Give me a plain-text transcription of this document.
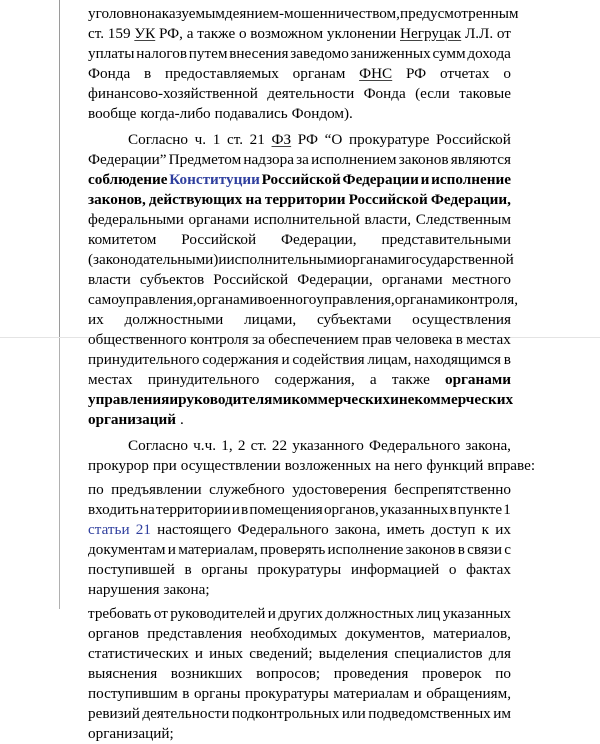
уголовно наказуемым деянием - мошенничеством, предусмотренным
ст. 159 УК РФ, а также о возможном уклонении Негруцак Л.Л. от
уплаты налогов путем внесения заведомо заниженных сумм дохода
Фонда в предоставляемых органам ФНС РФ отчетах о
финансово-хозяйственной деятельности Фонда (если таковые
вообще когда-либо подавались Фондом).
Согласно ч. 1 ст. 21 ФЗ РФ “О прокуратуре Российской
Федерации” Предметом надзора за исполнением законов являются
соблюдение Конституции Российской Федерации и исполнение
законов, действующих на территории Российской Федерации,
федеральными органами исполнительной власти, Следственным
комитетом Российской Федерации, представительными
(законодательными) и исполнительными органами государственной
власти субъектов Российской Федерации, органами местного
самоуправления, органами военного управления, органами контроля,
их должностными лицами, субъектами осуществления
общественного контроля за обеспечением прав человека в местах
принудительного содержания и содействия лицам, находящимся в
местах принудительного содержания, а также органами
управления и руководителями коммерческих и некоммерческих
организаций .
Согласно ч.ч. 1, 2 ст. 22 указанного Федерального закона,
прокурор при осуществлении возложенных на него функций вправе:
по предъявлении служебного удостоверения беспрепятственно
входить на территории и в помещения органов, указанных в пункте 1
статьи 21 настоящего Федерального закона, иметь доступ к их
документам и материалам, проверять исполнение законов в связи с
поступившей в органы прокуратуры информацией о фактах
нарушения закона;
требовать от руководителей и других должностных лиц указанных
органов представления необходимых документов, материалов,
статистических и иных сведений; выделения специалистов для
выяснения возникших вопросов; проведения проверок по
поступившим в органы прокуратуры материалам и обращениям,
ревизий деятельности подконтрольных или подведомственных им
организаций;
